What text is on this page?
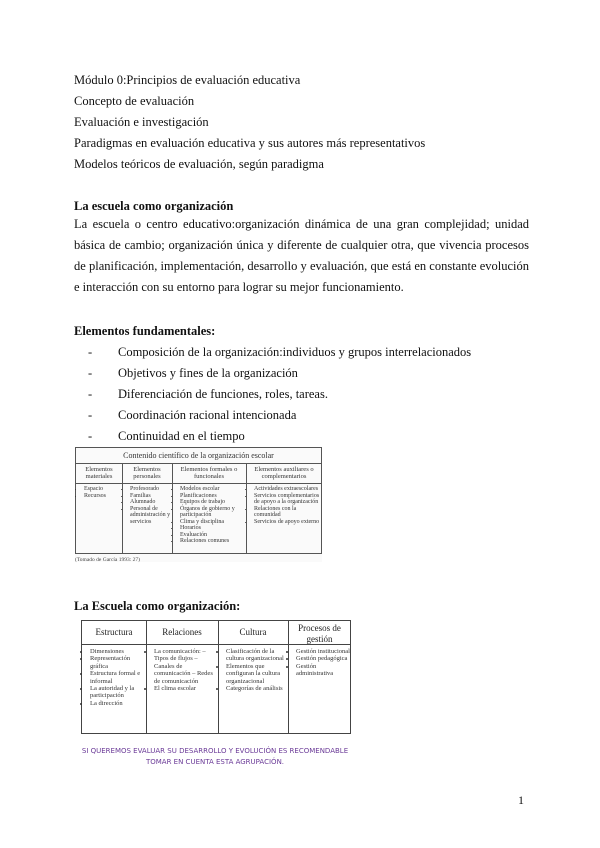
Módulo 0:Principios de evaluación educativa
Concepto de evaluación
Evaluación e investigación
Paradigmas en evaluación educativa y sus autores más representativos
Modelos teóricos de evaluación, según paradigma
La escuela como organización
La escuela o centro educativo:organización dinámica de una gran complejidad; unidad básica de cambio; organización única y diferente de cualquier otra, que vivencia procesos de planificación, implementación, desarrollo y evaluación, que está en constante evolución e interacción con su entorno para lograr su mejor funcionamiento.
Elementos fundamentales:
- Composición de la organización:individuos y grupos interrelacionados
- Objetivos y fines de la organización
- Diferenciación de funciones, roles, tareas.
- Coordinación racional intencionada
- Continuidad en el tiempo
Contenido científico de la organización escolar
Elementos materiales
• Espacio
• Recursos
Elementos personales
• Profesorado
• Familias
• Alumnado
• Personal de administración y servicios
Elementos formales o funcionales
• Modelos escolar
• Planificaciones
• Equipos de trabajo
• Órganos de gobierno y participación
• Clima y disciplina
• Horarios
• Evaluación
• Relaciones comunes
Elementos auxiliares o complementarios
• Actividades extraescolares
• Servicios complementarios de apoyo a la organización
• Relaciones con la comunidad
• Servicios de apoyo externo
(Tomado de García 1993: 27)
La Escuela como organización:
Estructura
• Dimensiones
• Representación gráfica
• Estructura formal e informal
• La autoridad y la participación
• La dirección
Relaciones
• La comunicación: – Tipos de flujos – Canales de comunicación – Redes de comunicación
• El clima escolar
Cultura
• Clasificación de la cultura organizacional
• Elementos que configuran la cultura organizacional
• Categorías de análisis
Procesos de gestión
• Gestión institucional
• Gestión pedagógica
• Gestión administrativa
SI QUEREMOS EVALUAR SU DESARROLLO Y EVOLUCIÓN ES RECOMENDABLE
TOMAR EN CUENTA ESTA AGRUPACIÓN.
1
